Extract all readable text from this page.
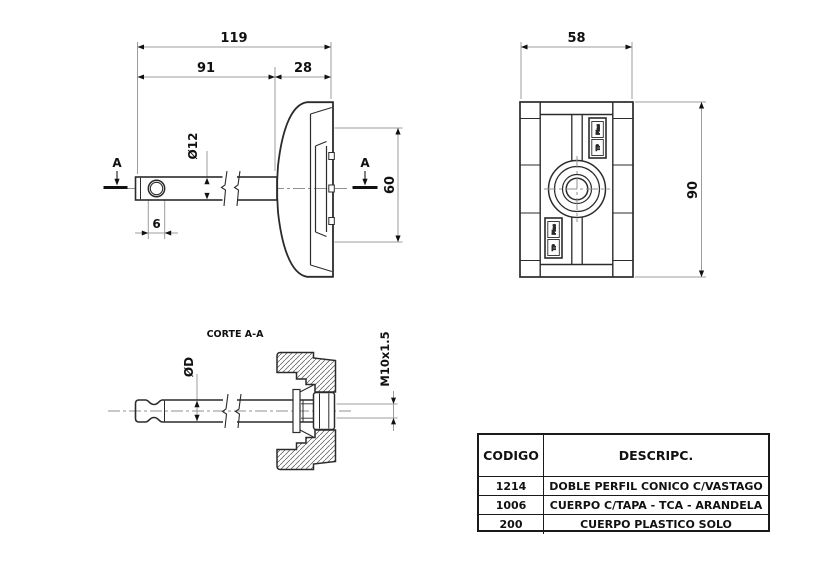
A	A
119
91	28
6
Ø12
60
Plas
TP
Plas
TP
58
90
CORTE A-A
ØD	M10x1.5
CODIGO	DESCRIPC.
1214	DOBLE PERFIL CONICO C/VASTAGO
1006	CUERPO C/TAPA - TCA - ARANDELA
200	CUERPO PLASTICO SOLO
